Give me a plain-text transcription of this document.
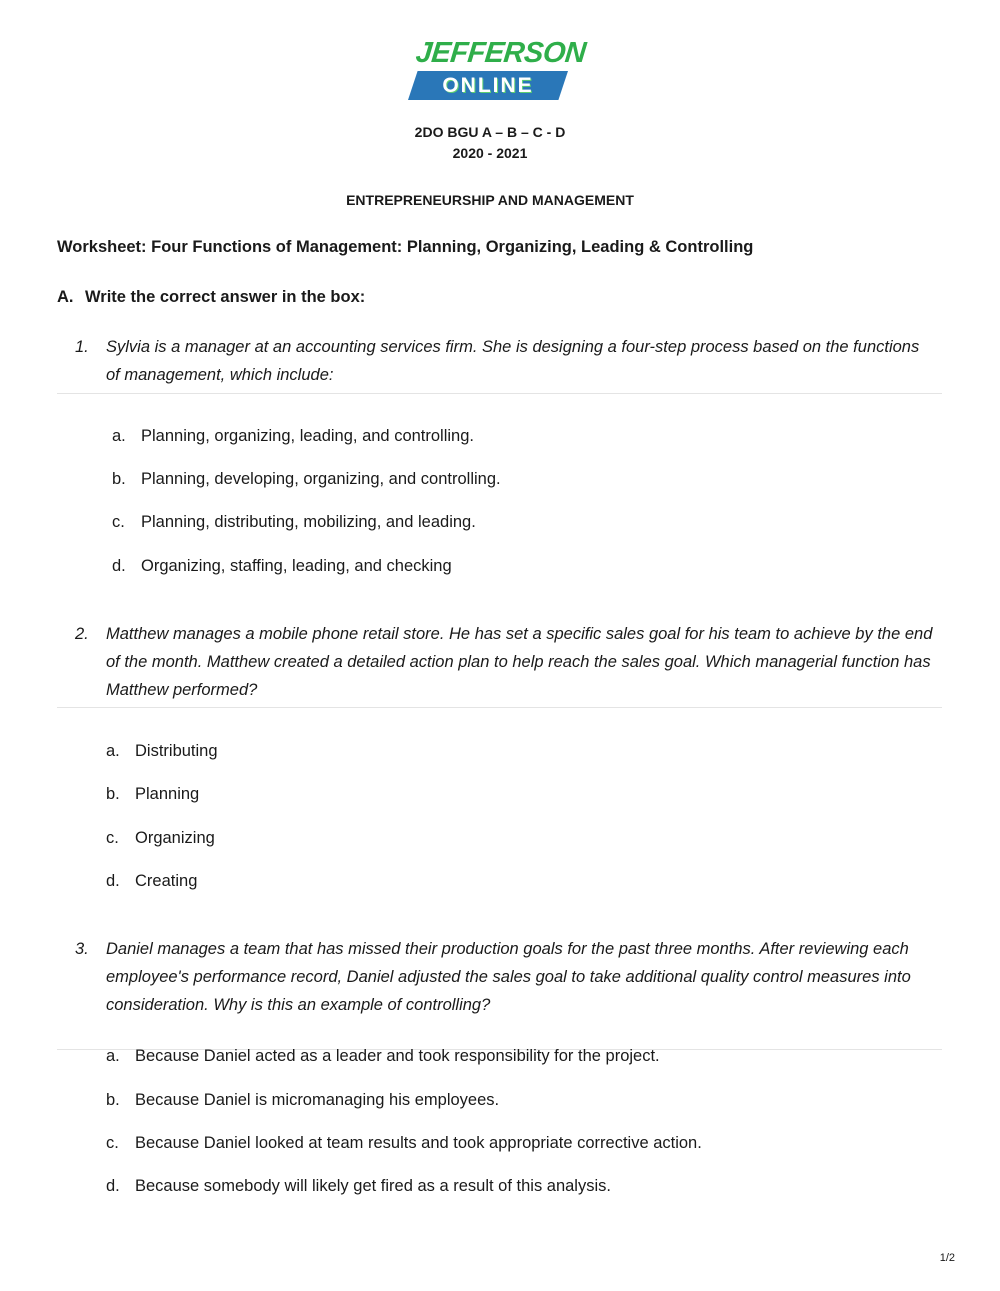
JEFFERSON
ONLINE
2DO BGU A – B – C - D
2020 - 2021
ENTREPRENEURSHIP AND MANAGEMENT
Worksheet: Four Functions of Management: Planning, Organizing, Leading & Controlling
A. Write the correct answer in the box:
1. Sylvia is a manager at an accounting services firm. She is designing a four-step process based on the functions of management, which include:
a. Planning, organizing, leading, and controlling.
b. Planning, developing, organizing, and controlling.
c. Planning, distributing, mobilizing, and leading.
d. Organizing, staffing, leading, and checking
2. Matthew manages a mobile phone retail store. He has set a specific sales goal for his team to achieve by the end of the month. Matthew created a detailed action plan to help reach the sales goal. Which managerial function has Matthew performed?
a. Distributing
b. Planning
c. Organizing
d. Creating
3. Daniel manages a team that has missed their production goals for the past three months. After reviewing each employee's performance record, Daniel adjusted the sales goal to take additional quality control measures into consideration. Why is this an example of controlling?
a. Because Daniel acted as a leader and took responsibility for the project.
b. Because Daniel is micromanaging his employees.
c. Because Daniel looked at team results and took appropriate corrective action.
d. Because somebody will likely get fired as a result of this analysis.
1/2
